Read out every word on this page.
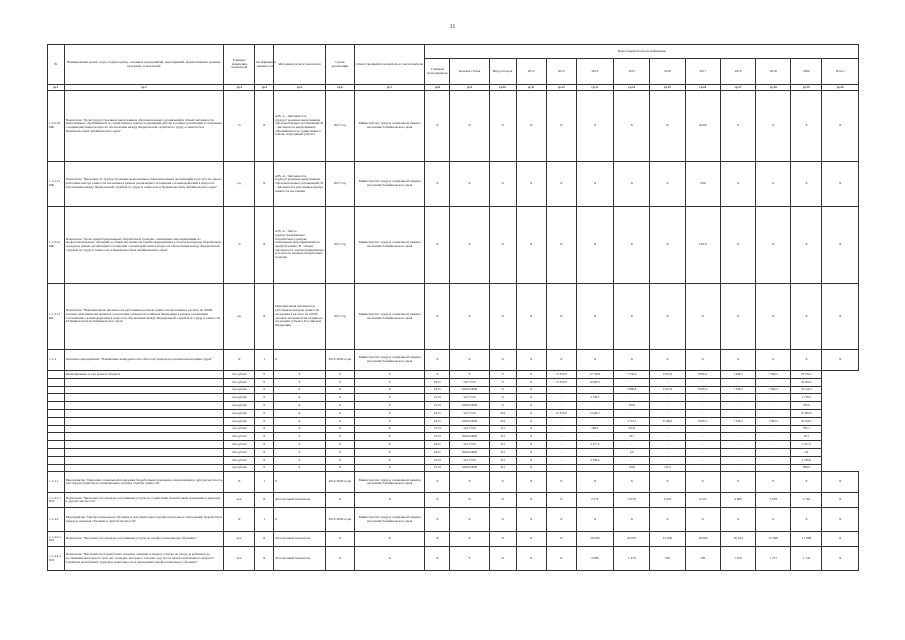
11
№	Наименование целей, задач, подпрограмм, основных мероприятий, мероприятий, ведомственных целевых программ, показателей	Единица измерения показателя	Коэффициент значимости	Методика расчета показателя	Сроки реализации	Ответственный исполнитель и соисполнители	Коды бюджетной классификации												
							Главный распорядитель	Целевая статья	Вид расходов	2012	2013	2014	2015	2016	2017	2018	2019	2020	Итого
гр.1	гр.2	гр.3	гр.4	гр.5	гр.6	гр.7	гр.8	гр.9	гр.10	гр.11	гр.12	гр.13	гр.14	гр.15	гр.16	гр.17	гр.18	гр.19	гр.20
1.1.3.10 МБ	Показатель "Доля трудоустроенных выпускников образовательных организаций в общей численности выпускников, обратившихся за содействием в поиске подходящей работы в рамках реализации Соглашения о взаимодействии в вопросах обеспечения между Федеральной службой по труду и занятости и Правительством Забайкальского края"	%	X	А/В, А - Численность трудоустроенных выпускников образовательных организаций; В - численность выпускников, обратившихся за содействием в поиске подходящей работы	2017 год	Министерство труда и социальной защиты населения Забайкальского края	X	X	X	X	X	X	X	X	20,00	Y	X	Y	X
1.1.3.11 МБ	Показатель "Численность трудоустроенных выпускников образовательных организаций в расчете на одного работника центра занятости населения в рамках реализации Соглашения о взаимодействии в вопросах обеспечения между Федеральной службой по труду и занятости и Правительством Забайкальского края"	ед.	X	А/В, А - Численность трудоустроенных выпускников образовательных организаций; В - численность работников центра занятости населения	2017 год	Министерство труда и социальной защиты населения Забайкальского края	X	X	X	X	X	X	X	X	3,00	X	X	X	X
1.1.3.12 МБ	Показатель "Доля зарегистрированных безработных граждан, охваченных мероприятиями по профессиональному обучению в общей численности зарегистрированных в отчетном периоде безработных граждан в рамках реализации Соглашения о взаимодействии в вопросах обеспечения между Федеральной службой по труду и занятости и Правительством Забайкальского края"	%	X	А/В, А - Число зарегистрированных безработных граждан, охваченных мероприятиями по профобучению; В - общая численность зарегистрированных в отчетном периоде безработных граждан	2017 год	Министерство труда и социальной защиты населения Забайкальского края	X	X	X	X	X	X	X	X	100,0	X	X	X	X
1.1.3.13 БП	Показатель "Максимальная численность работников центров занятости населения в расчете на 10000 человек экономически активного населения субъекта Российской Федерации в рамках реализации Соглашения о взаимодействии в вопросах обеспечения между Федеральной службой по труду и занятости и Правительством Забайкальского края"	ед.	X	Максимальная численность работников центров занятости населения в расчете на 10000 человек экономически активного населения субъекта Российской Федерации	2017 год	Министерство труда и социальной защиты населения Забайкальского края	X	X	X	X	X	X	X	X	X	X	X	X	X
1.1.4	Основное мероприятие "Повышение конкурентоспособности граждан на региональном рынке труда"	X	1	X	2014-2020 годы	Министерство труда и социальной защиты населения Забайкальского края	X	X	X	X	X	X	X	X	X	X	X	X	X
	финансирование за счет краевого бюджета	тыс.рублей	X	X	X	X	X	X	X	X	27 323,8	17 726,0	7 538,4	9 321,8	8 687,2	7 446,3	7 062,2	78 795,5	
		тыс.рублей	X	X	X	X	04 01	522 75 00	X	X	27 323,8	16 995,7	-	-	-	-	-	42 903,5	
		тыс.рублей	X	X	X	X	04 01	0410104000	X	X	-	-	2 896,8	9 321,8	8 687,2	7 446,3	7 062,2	35 414,3	
		тыс.рублей	X	X	X	X	10 03	522 75 00	X	X	-	2 739,3	-	-	-	-	-	2 739,3	
		тыс.рублей	X	X	X	X	10 03	0410104000	X	X	-	-	793,6	-	-	-	-	793,6	
		тыс.рублей	X	X	X	X	04 01	522 75 00	244	X	27 323,8	14 465,7	-	-	-	-	-	37 862,9	
		тыс.рублей	X	X	X	X	04 01	0410104000	244	X	-	-	2 791,5	8 189,6	8 687,2	7 446,3	7 062,2	35 406,7	
		тыс.рублей	X	X	X	X	10 03	522 75 00	321	X	-	568,3	270,0	-	-	-	-	785,1	
		тыс.рублей	X	X	X	X	10 03	0410104000	321	X	-	-	30,7	-	-	-	-	30,7	
		тыс.рублей	X	X	X	X	04 01	522 75 00	321	X	-	2 477,3	-	-	-	-	-	2 477,3	
		тыс.рублей	X	X	X	X	04 01	0410104000	321	X	-	-	4,6	-	-	-	-	4,6	
		тыс.рублей	X	X	X	X	10 03	522 75 00	321	X	-	2 786,6	-	-	-	-	-	2 786,6	
		тыс.рублей	X	X	X	X	10 03	0410104000	321	X	-	-	763,6	135,2	-	-	-	898,8	
1.1.4.1	Мероприятие "Оказание социальной поддержки безработным гражданам, переехавшим в другую местность для трудоустройства по направлению органов службы занятости"	X	1	X	2014-2020 годы	Министерство труда и социальной защиты населения Забайкальского края	X	X	X	X	X	X	X	X	X	X	X	X	X
1.1.4.1.1 ПП	Показатель "Численность граждан, получивших услуги по содействию безработным гражданам в переезде в другую местность"	чел.	X	Абсолютный показатель	X	X	X	X	X	X	X	2 470	5 978	4 625	4 725	4 669	3 978	2 762	X
1.1.4.2	Мероприятие "Профессиональное обучение и дополнительное профессиональное образование безработных граждан, включая обучение в другой местности"	X	1	X	2014-2020 годы	Министерство труда и социальной защиты населения Забайкальского края	X	X	X	X	X	X	X	X	X	X	X	X	X
1.1.4.2.1 ПП	Показатель "Численность граждан, получивших услуги по профессиональному обучению"	чел.	X	Абсолютный показатель	X	X	X	X	X	X	X	20 060	24 007	15 000	19 000	16 224	15 598	17 906	X
1.1.4.2.2 ПП	Показатель "Численность безработных граждан, женщин в период отпуска по уходу за ребенком до достижения им возраста трех лет, граждан, которые в течение года после начала пенсионного возраста стремятся возобновить трудовую деятельность и прошедших профессиональное обучение"	чел.	X	Абсолютный показатель	X	X	X	Y	X	X	X	2 080	1 470	700	700	1 070	1 277	1 170	X
